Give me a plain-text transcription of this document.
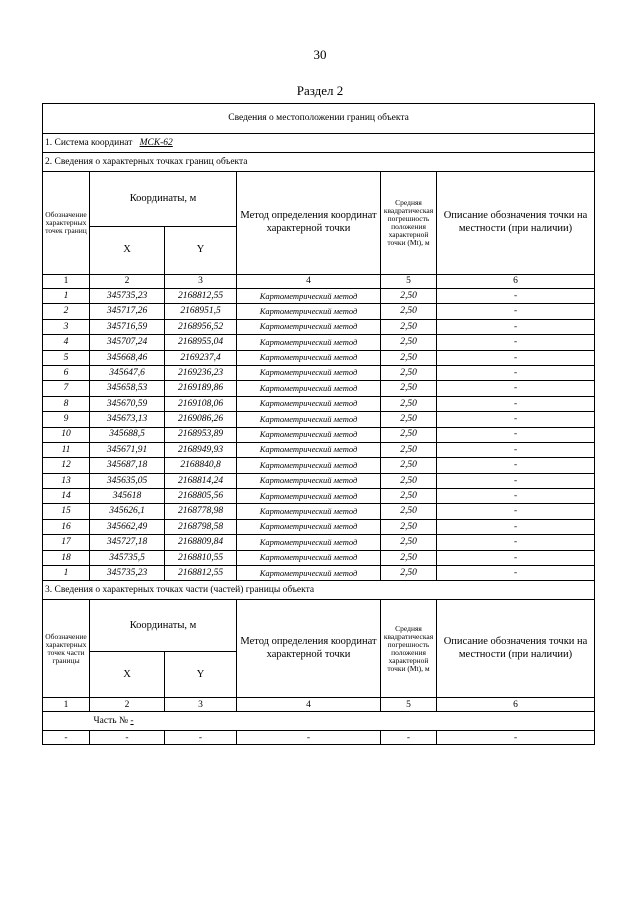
30
Раздел 2
Сведения о местоположении границ объекта					
1. Система координат МСК-62					
2. Сведения о характерных точках границ объекта					
Обозначение характерных точек границ	Координаты, м		Метод определения координат характерной точки	Средняя квадратическая погрешность положения характерной точки (Мt), м	Описание обозначения точки на местности (при наличии)
	X	Y			
1	2	3	4	5	6
1	345735,23	2168812,55	Картометрический метод	2,50	-
2	345717,26	2168951,5	Картометрический метод	2,50	-
3	345716,59	2168956,52	Картометрический метод	2,50	-
4	345707,24	2168955,04	Картометрический метод	2,50	-
5	345668,46	2169237,4	Картометрический метод	2,50	-
6	345647,6	2169236,23	Картометрический метод	2,50	-
7	345658,53	2169189,86	Картометрический метод	2,50	-
8	345670,59	2169108,06	Картометрический метод	2,50	-
9	345673,13	2169086,26	Картометрический метод	2,50	-
10	345688,5	2168953,89	Картометрический метод	2,50	-
11	345671,91	2168949,93	Картометрический метод	2,50	-
12	345687,18	2168840,8	Картометрический метод	2,50	-
13	345635,05	2168814,24	Картометрический метод	2,50	-
14	345618	2168805,56	Картометрический метод	2,50	-
15	345626,1	2168778,98	Картометрический метод	2,50	-
16	345662,49	2168798,58	Картометрический метод	2,50	-
17	345727,18	2168809,84	Картометрический метод	2,50	-
18	345735,5	2168810,55	Картометрический метод	2,50	-
1	345735,23	2168812,55	Картометрический метод	2,50	-
3. Сведения о характерных точках части (частей) границы объекта					
Обозначение характерных точек части границы	Координаты, м		Метод определения координат характерной точки	Средняя квадратическая погрешность положения характерной точки (Мt), м	Описание обозначения точки на местности (при наличии)
	X	Y			
1	2	3	4	5	6
	Часть № -				
-	-	-	-	-	-
